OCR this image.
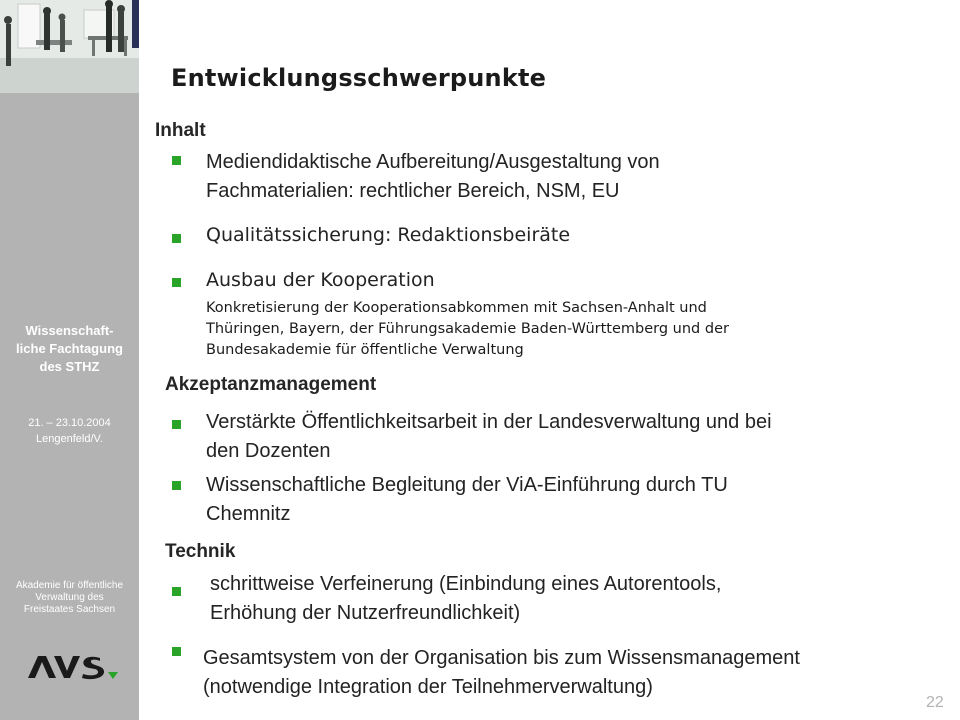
Wissenschaft-liche Fachtagung des STHZ
21. – 23.10.2004
Lengenfeld/V.
Akademie für öffentliche Verwaltung des Freistaates Sachsen
AVS
Entwicklungsschwerpunkte
Inhalt
Mediendidaktische Aufbereitung/Ausgestaltung von
Fachmaterialien: rechtlicher Bereich, NSM, EU
Qualitätssicherung: Redaktionsbeiräte
Ausbau der Kooperation
Konkretisierung der Kooperationsabkommen mit Sachsen-Anhalt und
Thüringen, Bayern, der Führungsakademie Baden-Württemberg und der
Bundesakademie für öffentliche Verwaltung
Akzeptanzmanagement
Verstärkte Öffentlichkeitsarbeit in der Landesverwaltung und bei
den Dozenten
Wissenschaftliche Begleitung der ViA-Einführung durch TU
Chemnitz
Technik
schrittweise Verfeinerung (Einbindung eines Autorentools,
Erhöhung der Nutzerfreundlichkeit)
Gesamtsystem von der Organisation bis zum Wissensmanagement
(notwendige Integration der Teilnehmerverwaltung)
22
